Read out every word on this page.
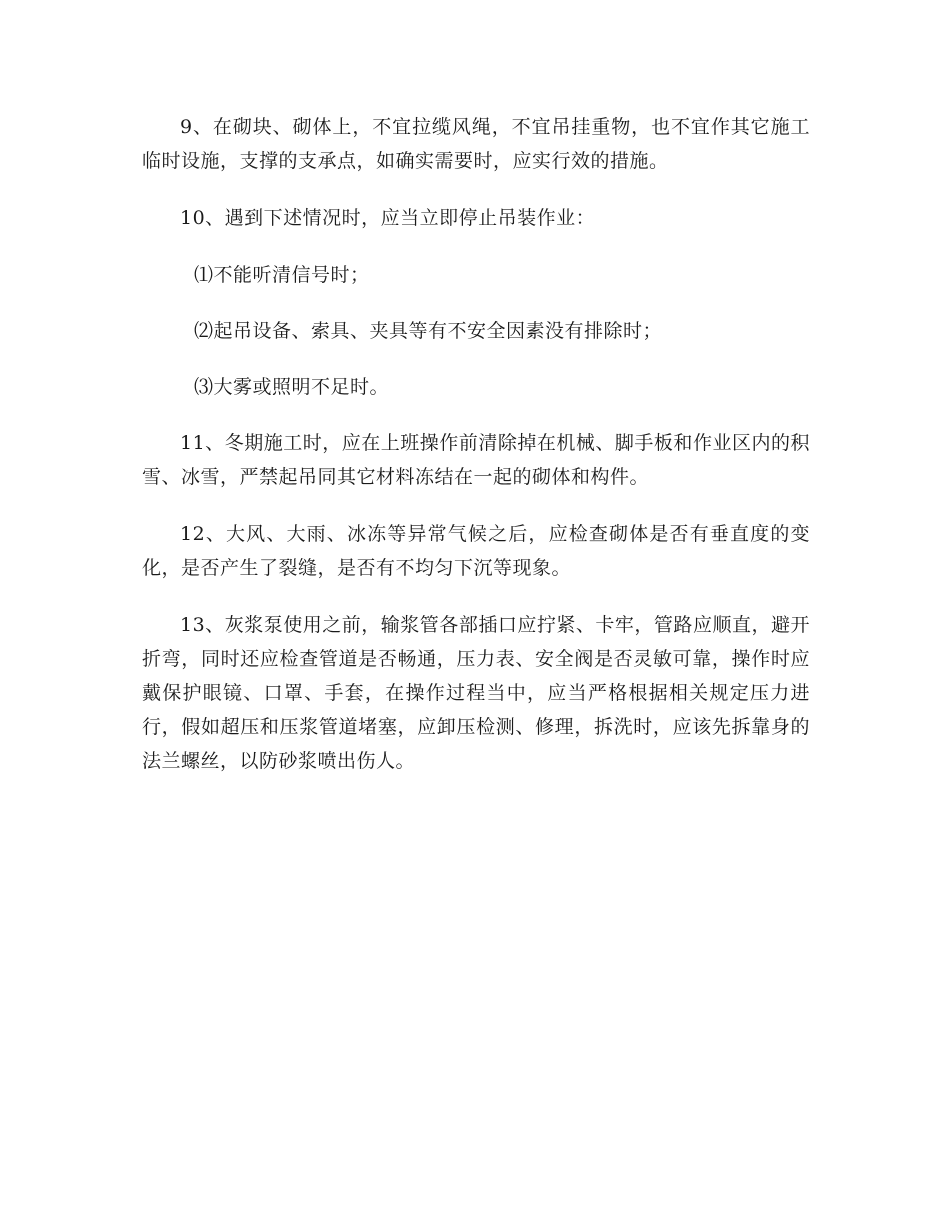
9、在砌块、砌体上，不宜拉缆风绳，不宜吊挂重物，也不宜作其它施工临时设施，支撑的支承点，如确实需要时，应实行效的措施。

10、遇到下述情况时，应当立即停止吊装作业：

⑴不能听清信号时；

⑵起吊设备、索具、夹具等有不安全因素没有排除时；

⑶大雾或照明不足时。

11、冬期施工时，应在上班操作前清除掉在机械、脚手板和作业区内的积雪、冰雪，严禁起吊同其它材料冻结在一起的砌体和构件。

12、大风、大雨、冰冻等异常气候之后，应检查砌体是否有垂直度的变化，是否产生了裂缝，是否有不均匀下沉等现象。

13、灰浆泵使用之前，输浆管各部插口应拧紧、卡牢，管路应顺直，避开折弯，同时还应检查管道是否畅通，压力表、安全阀是否灵敏可靠，操作时应戴保护眼镜、口罩、手套，在操作过程当中，应当严格根据相关规定压力进行，假如超压和压浆管道堵塞，应卸压检测、修理，拆洗时，应该先拆靠身的法兰螺丝，以防砂浆喷出伤人。
